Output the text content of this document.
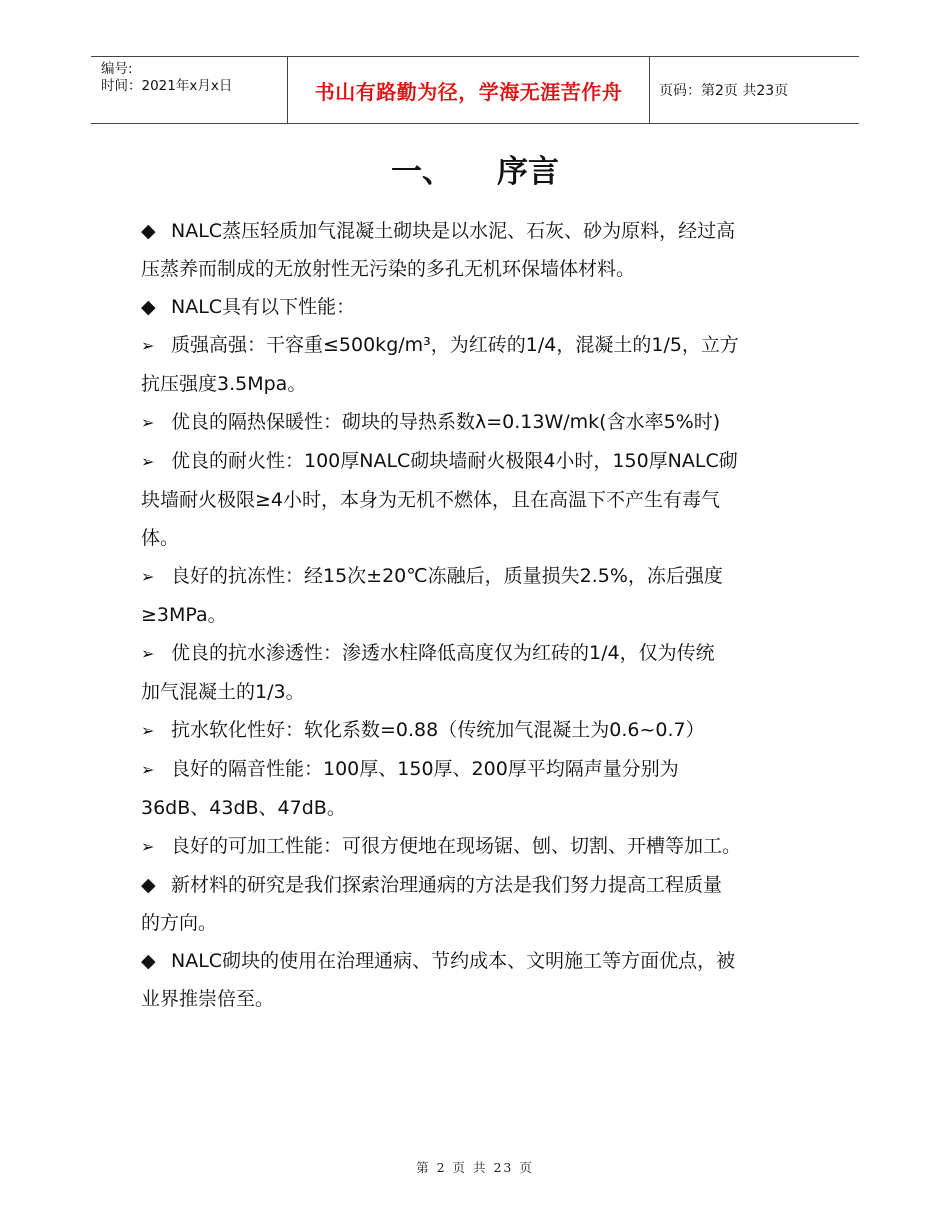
编号:
时间：2021年x月x日	书山有路勤为径，学海无涯苦作舟	页码：第2页 共23页
一、 序言
◆ NALC蒸压轻质加气混凝土砌块是以水泥、石灰、砂为原料，经过高
压蒸养而制成的无放射性无污染的多孔无机环保墙体材料。
◆ NALC具有以下性能：
➢ 质强高强：干容重≤500kg/m³，为红砖的1/4，混凝土的1/5，立方
抗压强度3.5Mpa。
➢ 优良的隔热保暖性：砌块的导热系数λ=0.13W/mk(含水率5%时)
➢ 优良的耐火性：100厚NALC砌块墙耐火极限4小时，150厚NALC砌
块墙耐火极限≥4小时，本身为无机不燃体，且在高温下不产生有毒气
体。
➢ 良好的抗冻性：经15次±20℃冻融后，质量损失2.5%，冻后强度
≥3MPa。
➢ 优良的抗水渗透性：渗透水柱降低高度仅为红砖的1/4，仅为传统
加气混凝土的1/3。
➢ 抗水软化性好：软化系数=0.88（传统加气混凝土为0.6~0.7）
➢ 良好的隔音性能：100厚、150厚、200厚平均隔声量分别为
36dB、43dB、47dB。
➢ 良好的可加工性能：可很方便地在现场锯、刨、切割、开槽等加工。
◆ 新材料的研究是我们探索治理通病的方法是我们努力提高工程质量
的方向。
◆ NALC砌块的使用在治理通病、节约成本、文明施工等方面优点，被
业界推崇倍至。
第 2 页 共 23 页
